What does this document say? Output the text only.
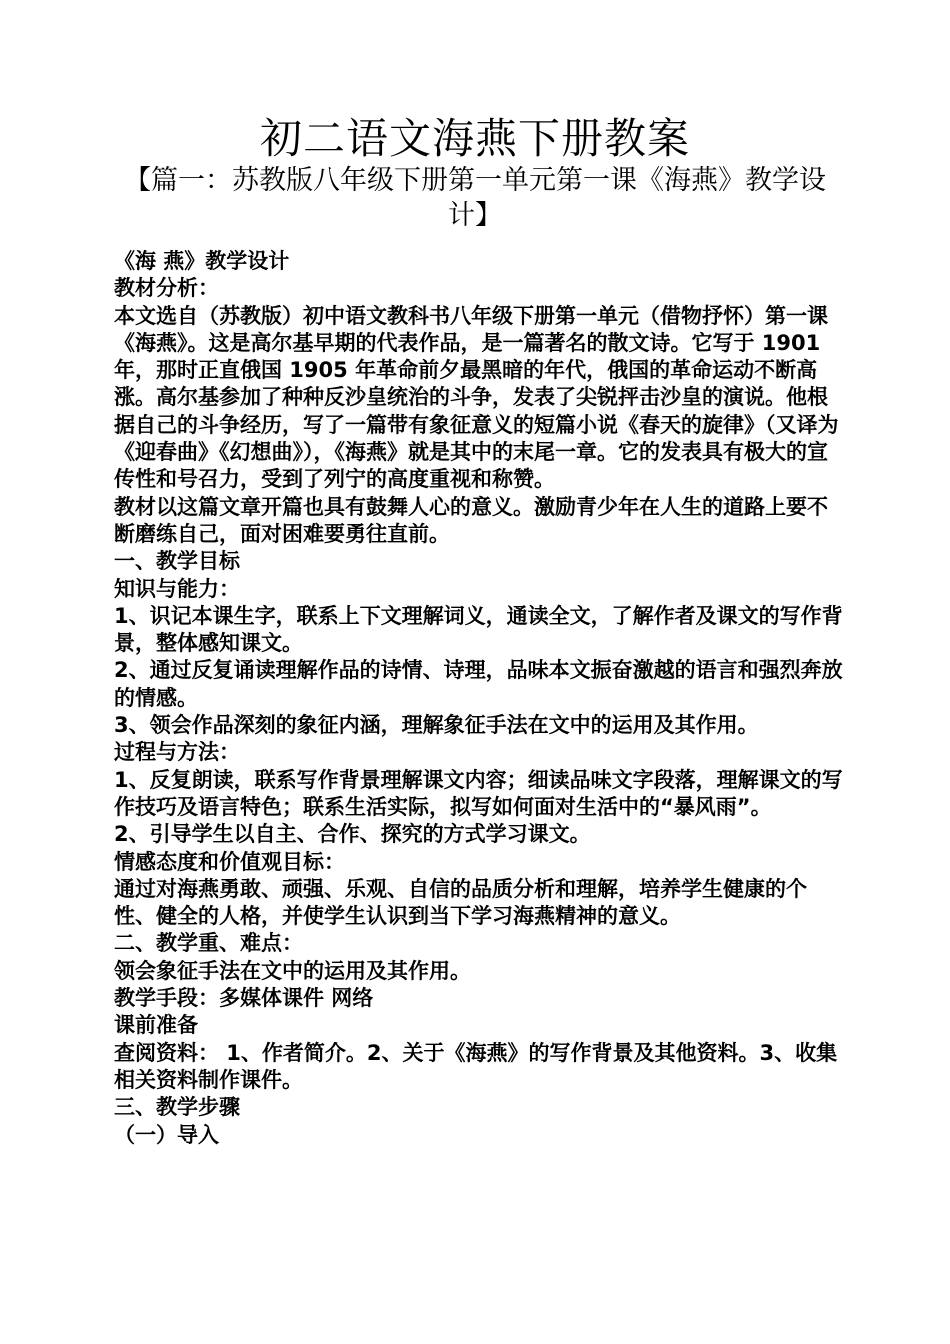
初二语文海燕下册教案
【篇一：苏教版八年级下册第一单元第一课《海燕》教学设计】

《海 燕》教学设计

教材分析：

本文选自（苏教版）初中语文教科书八年级下册第一单元（借物抒怀）第一课《海燕》。这是高尔基早期的代表作品，是一篇著名的散文诗。它写于 1901 年，那时正直俄国 1905 年革命前夕最黑暗的年代，俄国的革命运动不断高涨。高尔基参加了种种反沙皇统治的斗争，发表了尖锐抨击沙皇的演说。他根据自己的斗争经历，写了一篇带有象征意义的短篇小说《春天的旋律》（又译为《迎春曲》《幻想曲》），《海燕》就是其中的末尾一章。它的发表具有极大的宣传性和号召力，受到了列宁的高度重视和称赞。

教材以这篇文章开篇也具有鼓舞人心的意义。激励青少年在人生的道路上要不断磨练自己，面对困难要勇往直前。

一、教学目标

知识与能力：

1、识记本课生字，联系上下文理解词义，通读全文，了解作者及课文的写作背景，整体感知课文。

2、通过反复诵读理解作品的诗情、诗理，品味本文振奋激越的语言和强烈奔放的情感。

3、领会作品深刻的象征内涵，理解象征手法在文中的运用及其作用。

过程与方法：

1、反复朗读，联系写作背景理解课文内容；细读品味文字段落，理解课文的写作技巧及语言特色；联系生活实际，拟写如何面对生活中的“暴风雨”。

2、引导学生以自主、合作、探究的方式学习课文。

情感态度和价值观目标：

通过对海燕勇敢、顽强、乐观、自信的品质分析和理解，培养学生健康的个性、健全的人格，并使学生认识到当下学习海燕精神的意义。

二、教学重、难点：

领会象征手法在文中的运用及其作用。

教学手段：多媒体课件 网络

课前准备

查阅资料： 1、作者简介。2、关于《海燕》的写作背景及其他资料。3、收集相关资料制作课件。

三、教学步骤

（一）导入
